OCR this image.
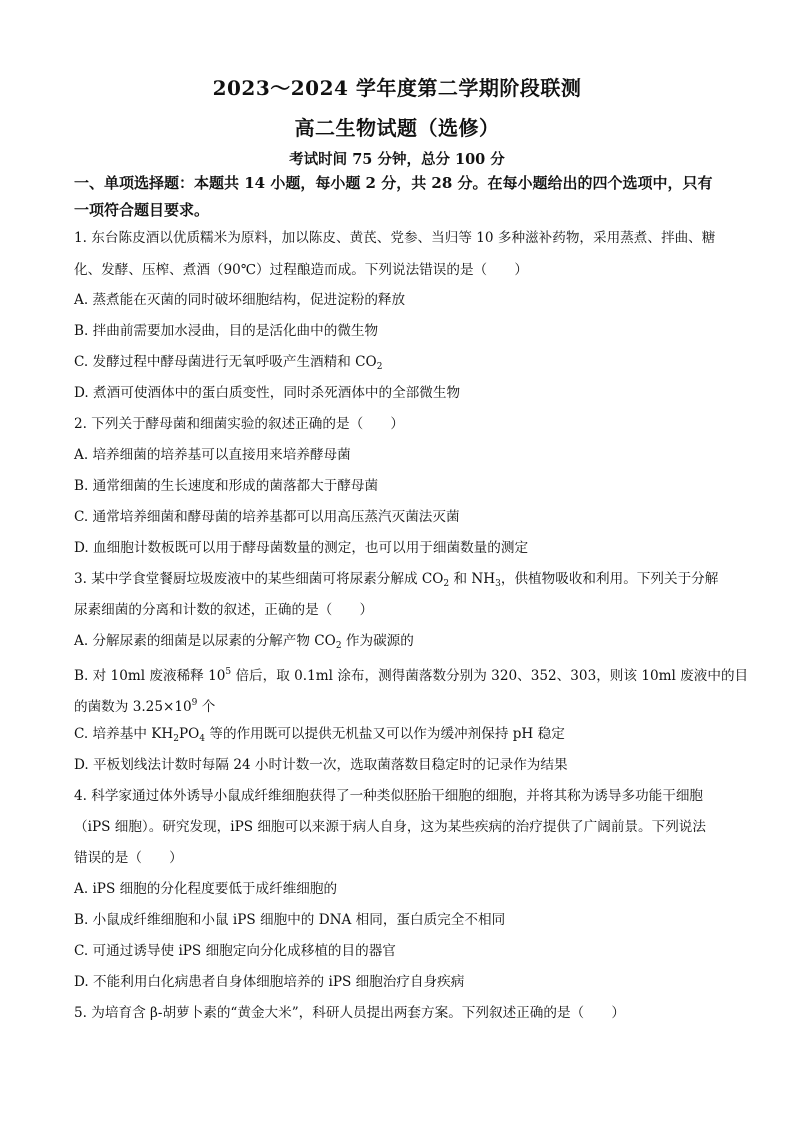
2023～2024 学年度第二学期阶段联测
高二生物试题（选修）
考试时间 75 分钟，总分 100 分
一、单项选择题：本题共 14 小题，每小题 2 分，共 28 分。在每小题给出的四个选项中，只有一项符合题目要求。
1. 东台陈皮酒以优质糯米为原料，加以陈皮、黄芪、党参、当归等 10 多种滋补药物，采用蒸煮、拌曲、糖
化、发酵、压榨、煮酒（90℃）过程酿造而成。下列说法错误的是（　　）
A. 蒸煮能在灭菌的同时破坏细胞结构，促进淀粉的释放
B. 拌曲前需要加水浸曲，目的是活化曲中的微生物
C. 发酵过程中酵母菌进行无氧呼吸产生酒精和 $CO_2$
D. 煮酒可使酒体中的蛋白质变性，同时杀死酒体中的全部微生物
2. 下列关于酵母菌和细菌实验的叙述正确的是（　　）
A. 培养细菌的培养基可以直接用来培养酵母菌
B. 通常细菌的生长速度和形成的菌落都大于酵母菌
C. 通常培养细菌和酵母菌的培养基都可以用高压蒸汽灭菌法灭菌
D. 血细胞计数板既可以用于酵母菌数量的测定，也可以用于细菌数量的测定
3. 某中学食堂餐厨垃圾废液中的某些细菌可将尿素分解成 $CO_2$ 和 $NH_3$，供植物吸收和利用。下列关于分解
尿素细菌的分离和计数的叙述，正确的是（　　）
A. 分解尿素的细菌是以尿素的分解产物 $CO_2$ 作为碳源的
B. 对 10ml 废液稀释 $10^5$ 倍后，取 0.1ml 涂布，测得菌落数分别为 320、352、303，则该 10ml 废液中的目
的菌数为 $3.25\times 10^9$ 个
C. 培养基中 $KH_2PO_4$ 等的作用既可以提供无机盐又可以作为缓冲剂保持 pH 稳定
D. 平板划线法计数时每隔 24 小时计数一次，选取菌落数目稳定时的记录作为结果
4. 科学家通过体外诱导小鼠成纤维细胞获得了一种类似胚胎干细胞的细胞，并将其称为诱导多功能干细胞
（iPS 细胞）。研究发现，iPS 细胞可以来源于病人自身，这为某些疾病的治疗提供了广阔前景。下列说法
错误的是（　　）
A. iPS 细胞的分化程度要低于成纤维细胞的
B. 小鼠成纤维细胞和小鼠 iPS 细胞中的 DNA 相同，蛋白质完全不相同
C. 可通过诱导使 iPS 细胞定向分化成移植的目的器官
D. 不能利用白化病患者自身体细胞培养的 iPS 细胞治疗自身疾病
5. 为培育含 β-胡萝卜素的“黄金大米”，科研人员提出两套方案。下列叙述正确的是（　　）
